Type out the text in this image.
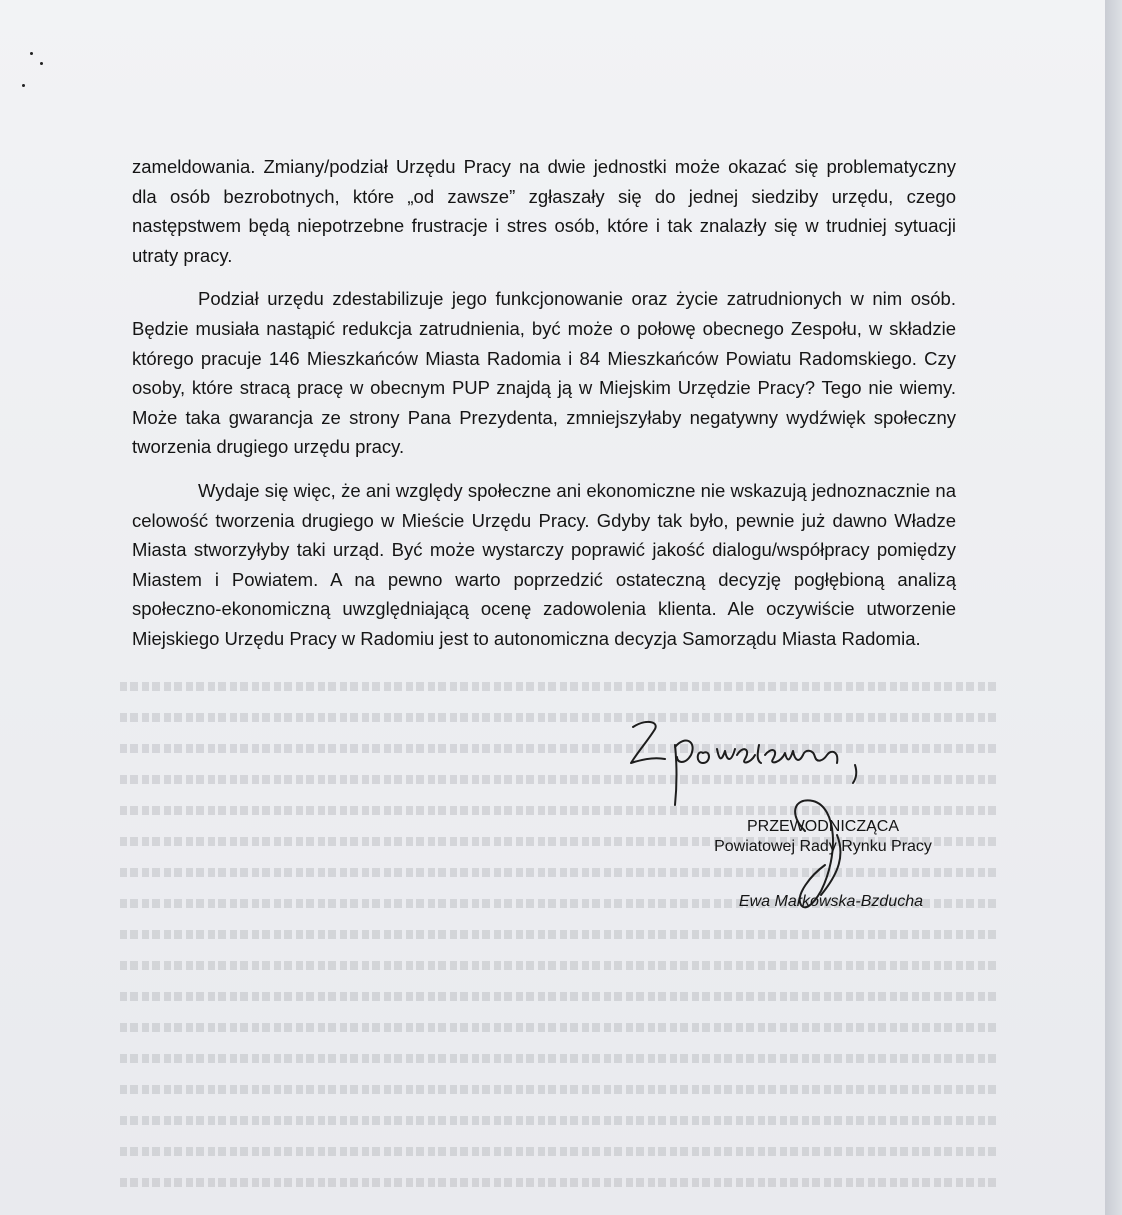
zameldowania. Zmiany/podział Urzędu Pracy na dwie jednostki może okazać się problematyczny dla osób bezrobotnych, które „od zawsze” zgłaszały się do jednej siedziby urzędu, czego następstwem będą niepotrzebne frustracje i stres osób, które i tak znalazły się w trudniej sytuacji utraty pracy.

Podział urzędu zdestabilizuje jego funkcjonowanie oraz życie zatrudnionych w nim osób. Będzie musiała nastąpić redukcja zatrudnienia, być może o połowę obecnego Zespołu, w składzie którego pracuje 146 Mieszkańców Miasta Radomia i 84 Mieszkańców Powiatu Radomskiego. Czy osoby, które stracą pracę w obecnym PUP znajdą ją w Miejskim Urzędzie Pracy? Tego nie wiemy. Może taka gwarancja ze strony Pana Prezydenta, zmniejszyłaby negatywny wydźwięk społeczny tworzenia drugiego urzędu pracy.

Wydaje się więc, że ani względy społeczne ani ekonomiczne nie wskazują jednoznacznie na celowość tworzenia drugiego w Mieście Urzędu Pracy. Gdyby tak było, pewnie już dawno Władze Miasta stworzyłyby taki urząd. Być może wystarczy poprawić jakość dialogu/współpracy pomiędzy Miastem i Powiatem. A na pewno warto poprzedzić ostateczną decyzję pogłębioną analizą społeczno-ekonomiczną uwzględniającą ocenę zadowolenia klienta. Ale oczywiście utworzenie Miejskiego Urzędu Pracy w Radomiu jest to autonomiczna decyzja Samorządu Miasta Radomia.

PRZEWODNICZĄCA
Powiatowej Rady Rynku Pracy
Ewa Markowska-Bzducha
